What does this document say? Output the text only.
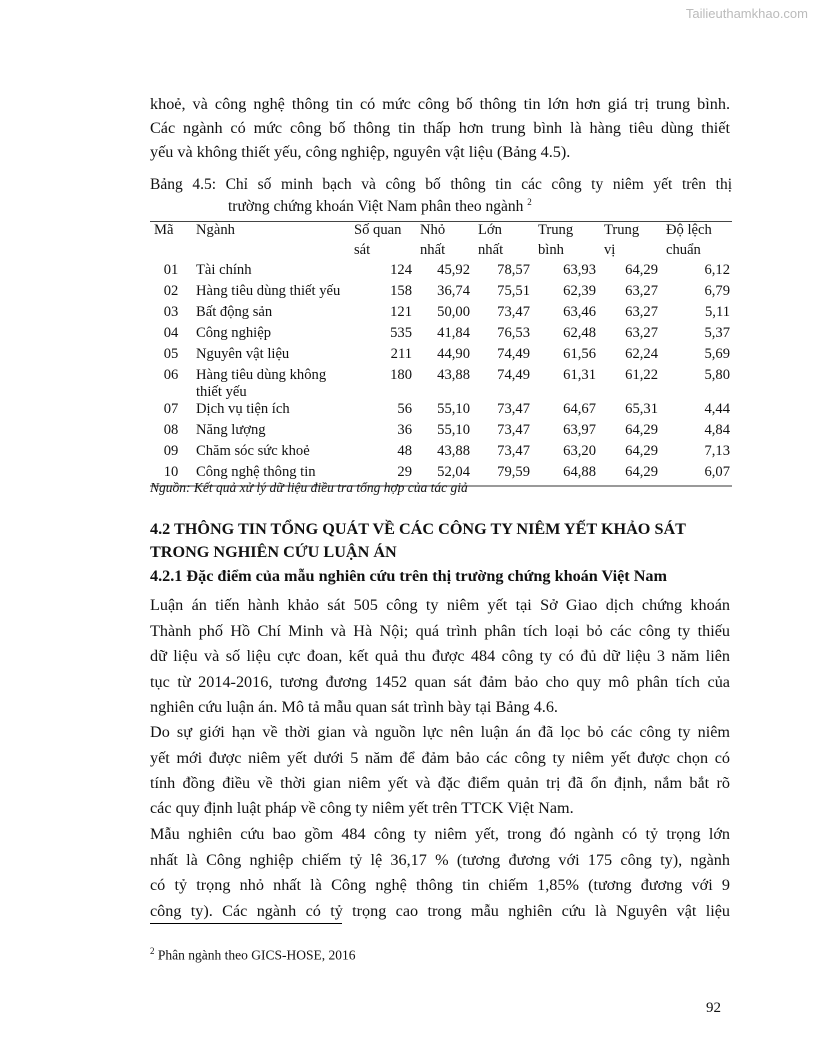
Tailieuthamkhao.com
khoẻ, và công nghệ thông tin có mức công bố thông tin lớn hơn giá trị trung bình.
Các ngành có mức công bố thông tin thấp hơn trung bình là hàng tiêu dùng thiết
yếu và không thiết yếu, công nghiệp, nguyên vật liệu (Bảng 4.5).
Bảng 4.5: Chỉ số minh bạch và công bố thông tin các công ty niêm yết trên thị
trường chứng khoán Việt Nam phân theo ngành $^2$
Mã	Ngành	Số quan	Nhỏ	Lớn	Trung	Trung	Độ lệch
		sát	nhất	nhất	bình	vị	chuẩn
01	Tài chính	124	45,92	78,57	63,93	64,29	6,12
02	Hàng tiêu dùng thiết yếu	158	36,74	75,51	62,39	63,27	6,79
03	Bất động sản	121	50,00	73,47	63,46	63,27	5,11
04	Công nghiệp	535	41,84	76,53	62,48	63,27	5,37
05	Nguyên vật liệu	211	44,90	74,49	61,56	62,24	5,69
06	Hàng tiêu dùng không thiết yếu	180	43,88	74,49	61,31	61,22	5,80
07	Dịch vụ tiện ích	56	55,10	73,47	64,67	65,31	4,44
08	Năng lượng	36	55,10	73,47	63,97	64,29	4,84
09	Chăm sóc sức khoẻ	48	43,88	73,47	63,20	64,29	7,13
10	Công nghệ thông tin	29	52,04	79,59	64,88	64,29	6,07
Nguồn: Kết quả xử lý dữ liệu điều tra tổng hợp của tác giả
4.2 THÔNG TIN TỔNG QUÁT VỀ CÁC CÔNG TY NIÊM YẾT KHẢO SÁT
TRONG NGHIÊN CỨU LUẬN ÁN
4.2.1 Đặc điểm của mẫu nghiên cứu trên thị trường chứng khoán Việt Nam
Luận án tiến hành khảo sát 505 công ty niêm yết tại Sở Giao dịch chứng khoán
Thành phố Hồ Chí Minh và Hà Nội; quá trình phân tích loại bỏ các công ty thiếu
dữ liệu và số liệu cực đoan, kết quả thu được 484 công ty có đủ dữ liệu 3 năm liên
tục từ 2014-2016, tương đương 1452 quan sát đảm bảo cho quy mô phân tích của
nghiên cứu luận án. Mô tả mẫu quan sát trình bày tại Bảng 4.6.
Do sự giới hạn về thời gian và nguồn lực nên luận án đã lọc bỏ các công ty niêm
yết mới được niêm yết dưới 5 năm để đảm bảo các công ty niêm yết được chọn có
tính đồng điều về thời gian niêm yết và đặc điểm quản trị đã ổn định, nắm bắt rõ
các quy định luật pháp về công ty niêm yết trên TTCK Việt Nam.
Mẫu nghiên cứu bao gồm 484 công ty niêm yết, trong đó ngành có tỷ trọng lớn
nhất là Công nghiệp chiếm tỷ lệ 36,17 % (tương đương với 175 công ty), ngành
có tỷ trọng nhỏ nhất là Công nghệ thông tin chiếm 1,85% (tương đương với 9
công ty). Các ngành có tỷ trọng cao trong mẫu nghiên cứu là Nguyên vật liệu
$^2$ Phân ngành theo GICS-HOSE, 2016
92
